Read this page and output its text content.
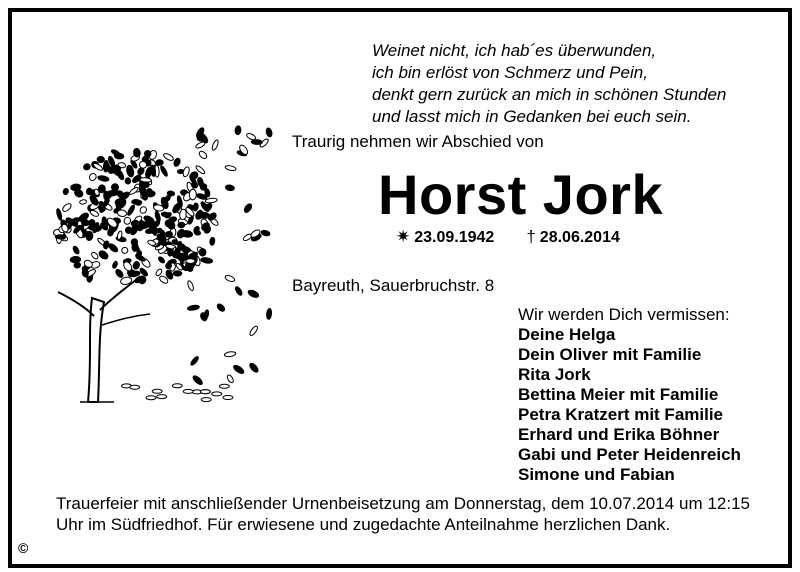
Weinet nicht, ich hab´es überwunden,
ich bin erlöst von Schmerz und Pein,
denkt gern zurück an mich in schönen Stunden
und lasst mich in Gedanken bei euch sein.
Traurig nehmen wir Abschied von
Horst Jork
✷ 23.09.1942 † 28.06.2014
Bayreuth, Sauerbruchstr. 8
Wir werden Dich vermissen:
Deine Helga
Dein Oliver mit Familie
Rita Jork
Bettina Meier mit Familie
Petra Kratzert mit Familie
Erhard und Erika Böhner
Gabi und Peter Heidenreich
Simone und Fabian
Trauerfeier mit anschließender Urnenbeisetzung am Donnerstag, dem 10.07.2014 um 12:15 Uhr im Südfriedhof. Für erwiesene und zugedachte Anteilnahme herzlichen Dank.
©
